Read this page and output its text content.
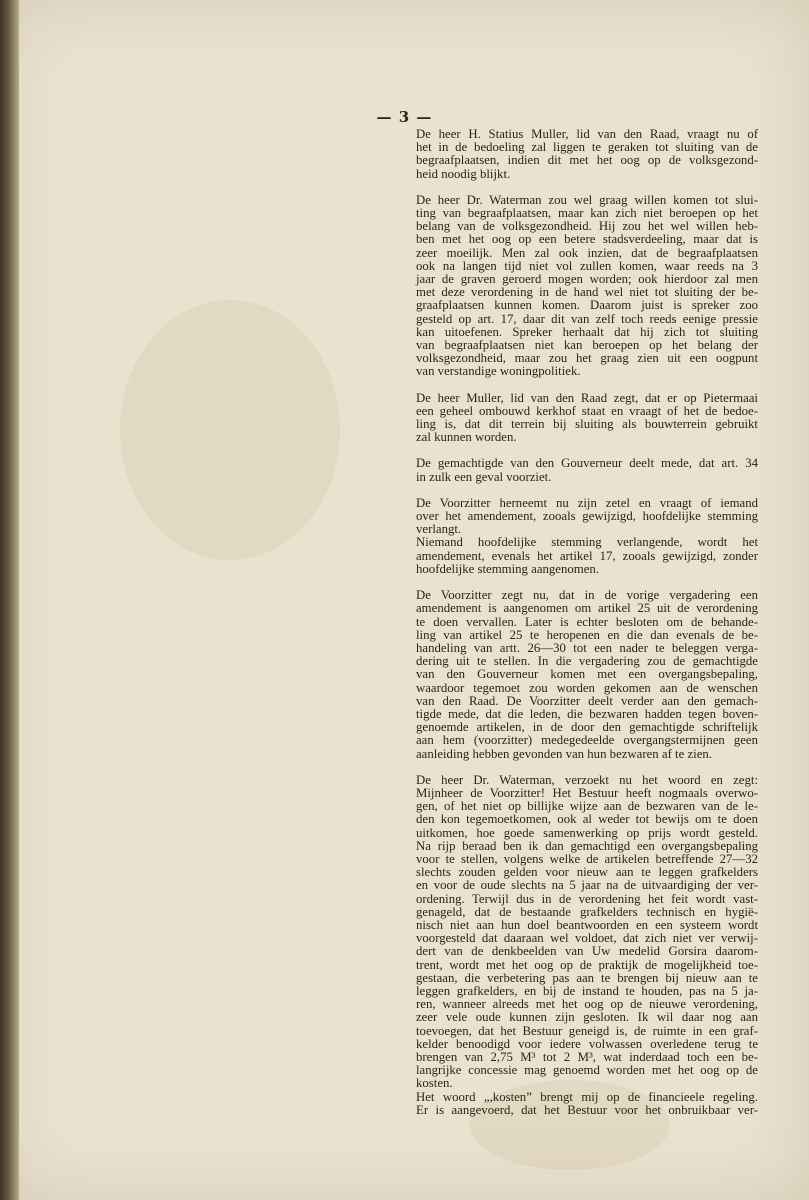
— 3 —
De heer H. Statius Muller, lid van den Raad, vraagt nu of
het in de bedoeling zal liggen te geraken tot sluiting van de
begraafplaatsen, indien dit met het oog op de volksgezond-
heid noodig blijkt.
De heer Dr. Waterman zou wel graag willen komen tot slui-
ting van begraafplaatsen, maar kan zich niet beroepen op het
belang van de volksgezondheid. Hij zou het wel willen heb-
ben met het oog op een betere stadsverdeeling, maar dat is
zeer moeilijk. Men zal ook inzien, dat de begraafplaatsen
ook na langen tijd niet vol zullen komen, waar reeds na 3
jaar de graven geroerd mogen worden; ook hierdoor zal men
met deze verordening in de hand wel niet tot sluiting der be-
graafplaatsen kunnen komen. Daarom juist is spreker zoo
gesteld op art. 17, daar dit van zelf toch reeds eenige pressie
kan uitoefenen. Spreker herhaalt dat hij zich tot sluiting
van begraafplaatsen niet kan beroepen op het belang der
volksgezondheid, maar zou het graag zien uit een oogpunt
van verstandige woningpolitiek.
De heer Muller, lid van den Raad zegt, dat er op Pietermaai
een geheel ombouwd kerkhof staat en vraagt of het de bedoe-
ling is, dat dit terrein bij sluiting als bouwterrein gebruikt
zal kunnen worden.
De gemachtigde van den Gouverneur deelt mede, dat art. 34
in zulk een geval voorziet.
De Voorzitter herneemt nu zijn zetel en vraagt of iemand
over het amendement, zooals gewijzigd, hoofdelijke stemming
verlangt.
Niemand hoofdelijke stemming verlangende, wordt het
amendement, evenals het artikel 17, zooals gewijzigd, zonder
hoofdelijke stemming aangenomen.
De Voorzitter zegt nu, dat in de vorige vergadering een
amendement is aangenomen om artikel 25 uit de verordening
te doen vervallen. Later is echter besloten om de behande-
ling van artikel 25 te heropenen en die dan evenals de be-
handeling van artt. 26—30 tot een nader te beleggen verga-
dering uit te stellen. In die vergadering zou de gemachtigde
van den Gouverneur komen met een overgangsbepaling,
waardoor tegemoet zou worden gekomen aan de wenschen
van den Raad. De Voorzitter deelt verder aan den gemach-
tigde mede, dat die leden, die bezwaren hadden tegen boven-
genoemde artikelen, in de door den gemachtigde schriftelijk
aan hem (voorzitter) medegedeelde overgangstermijnen geen
aanleiding hebben gevonden van hun bezwaren af te zien.
De heer Dr. Waterman, verzoekt nu het woord en zegt:
Mijnheer de Voorzitter! Het Bestuur heeft nogmaals overwo-
gen, of het niet op billijke wijze aan de bezwaren van de le-
den kon tegemoetkomen, ook al weder tot bewijs om te doen
uitkomen, hoe goede samenwerking op prijs wordt gesteld.
Na rijp beraad ben ik dan gemachtigd een overgangsbepaling
voor te stellen, volgens welke de artikelen betreffende 27—32
slechts zouden gelden voor nieuw aan te leggen grafkelders
en voor de oude slechts na 5 jaar na de uitvaardiging der ver-
ordening. Terwijl dus in de verordening het feit wordt vast-
genageld, dat de bestaande grafkelders technisch en hygië-
nisch niet aan hun doel beantwoorden en een systeem wordt
voorgesteld dat daaraan wel voldoet, dat zich niet ver verwij-
dert van de denkbeelden van Uw medelid Gorsira daarom-
trent, wordt met het oog op de praktijk de mogelijkheid toe-
gestaan, die verbetering pas aan te brengen bij nieuw aan te
leggen grafkelders, en bij de instand te houden, pas na 5 ja-
ren, wanneer alreeds met het oog op de nieuwe verordening,
zeer vele oude kunnen zijn gesloten. Ik wil daar nog aan
toevoegen, dat het Bestuur geneigd is, de ruimte in een graf-
kelder benoodigd voor iedere volwassen overledene terug te
brengen van 2,75 M³ tot 2 M³, wat inderdaad toch een be-
langrijke concessie mag genoemd worden met het oog op de
kosten.
Het woord „,kosten” brengt mij op de financieele regeling.
Er is aangevoerd, dat het Bestuur voor het onbruikbaar ver-
